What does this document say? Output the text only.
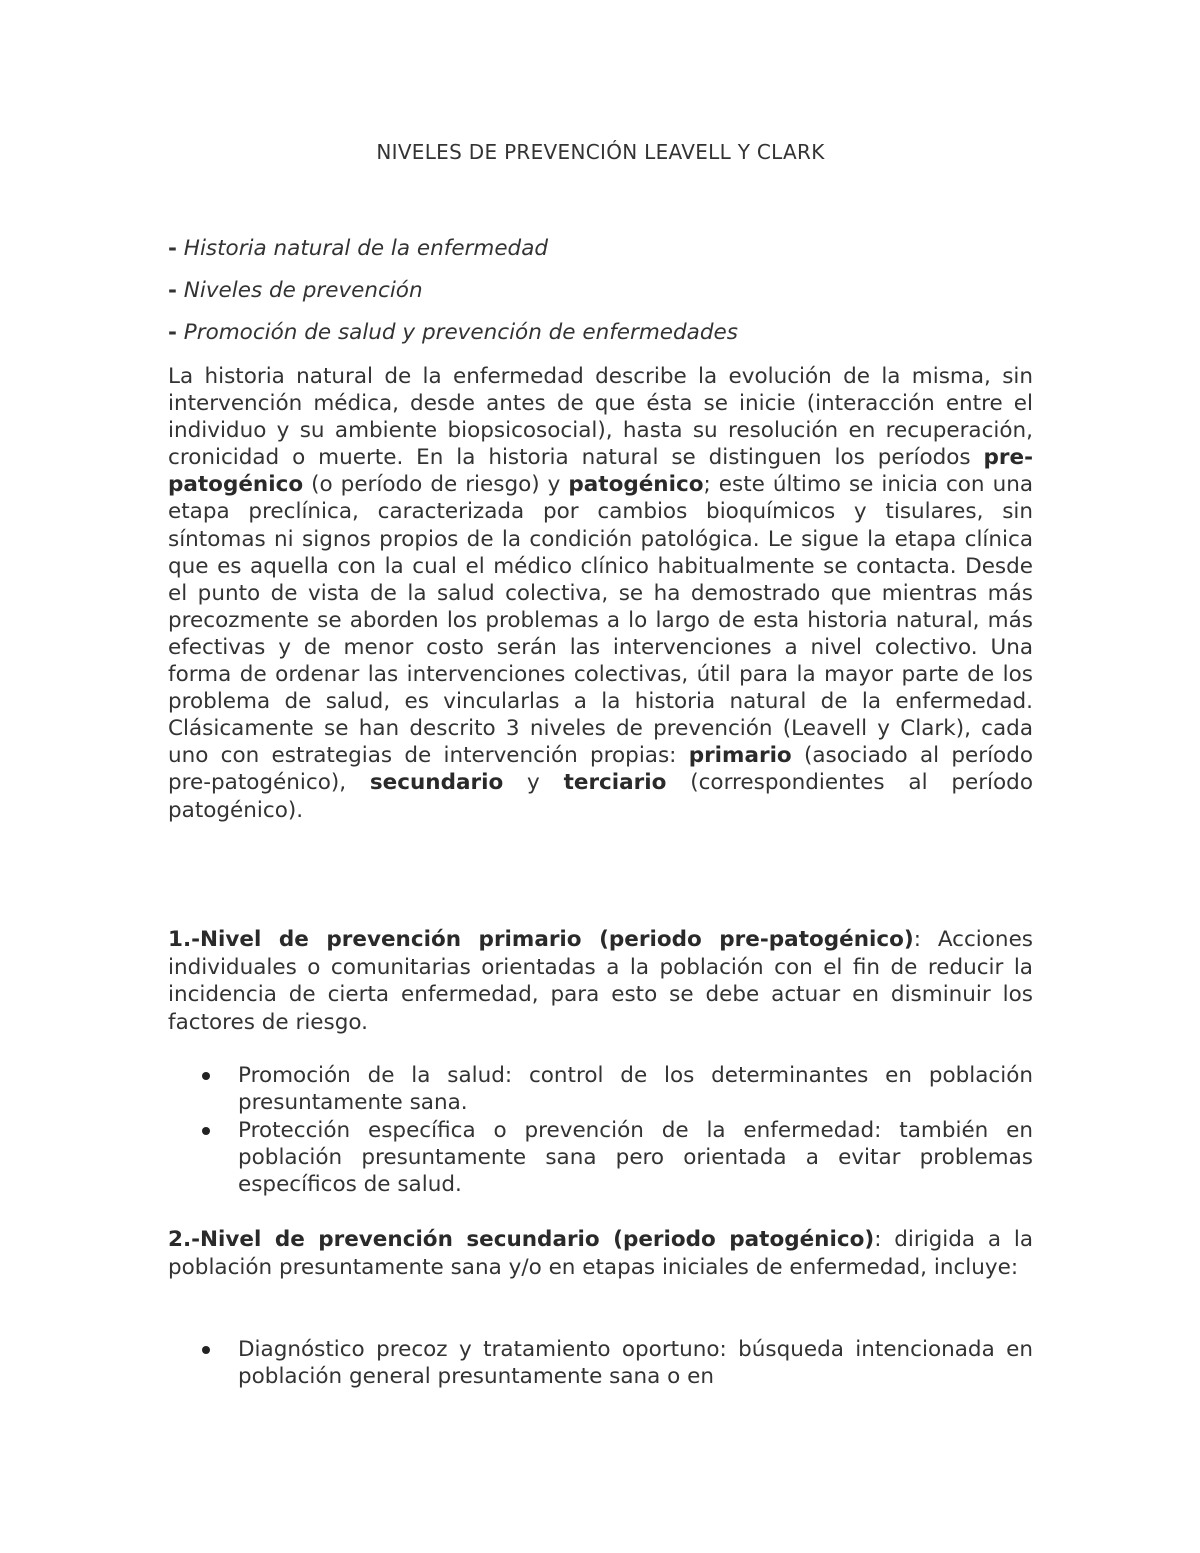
NIVELES DE PREVENCIÓN LEAVELL Y CLARK
- Historia natural de la enfermedad
- Niveles de prevención
- Promoción de salud y prevención de enfermedades
La historia natural de la enfermedad describe la evolución de la misma, sin intervención médica, desde antes de que ésta se inicie (interacción entre el individuo y su ambiente biopsicosocial), hasta su resolución en recuperación, cronicidad o muerte. En la historia natural se distinguen los períodos pre-patogénico (o período de riesgo) y patogénico; este último se inicia con una etapa preclínica, caracterizada por cambios bioquímicos y tisulares, sin síntomas ni signos propios de la condición patológica. Le sigue la etapa clínica que es aquella con la cual el médico clínico habitualmente se contacta. Desde el punto de vista de la salud colectiva, se ha demostrado que mientras más precozmente se aborden los problemas a lo largo de esta historia natural, más efectivas y de menor costo serán las intervenciones a nivel colectivo. Una forma de ordenar las intervenciones colectivas, útil para la mayor parte de los problema de salud, es vincularlas a la historia natural de la enfermedad. Clásicamente se han descrito 3 niveles de prevención (Leavell y Clark), cada uno con estrategias de intervención propias: primario (asociado al período pre-patogénico), secundario y terciario (correspondientes al período patogénico).
1.-Nivel de prevención primario (periodo pre-patogénico): Acciones individuales o comunitarias orientadas a la población con el fin de reducir la incidencia de cierta enfermedad, para esto se debe actuar en disminuir los factores de riesgo.
Promoción de la salud: control de los determinantes en población presuntamente sana.
Protección específica o prevención de la enfermedad: también en población presuntamente sana pero orientada a evitar problemas específicos de salud.
2.-Nivel de prevención secundario (periodo patogénico): dirigida a la población presuntamente sana y/o en etapas iniciales de enfermedad, incluye:
Diagnóstico precoz y tratamiento oportuno: búsqueda intencionada en población general presuntamente sana o en
